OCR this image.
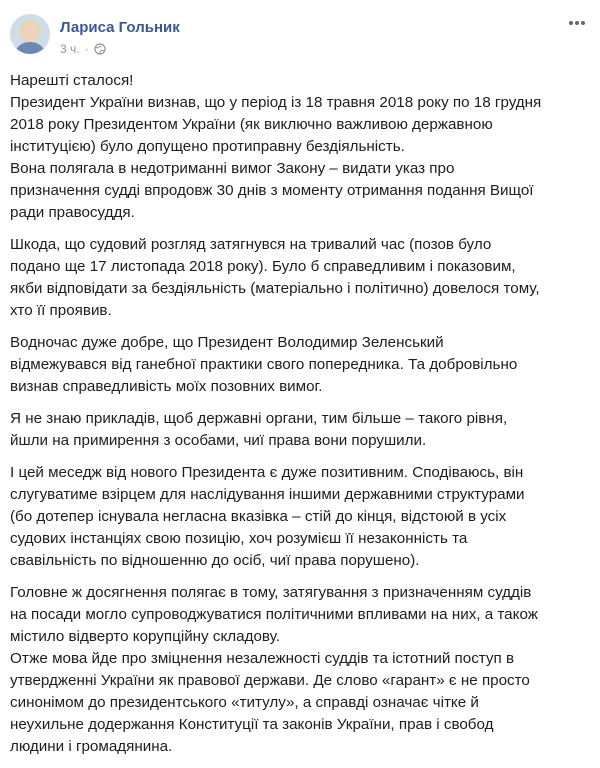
Лариса Гольник
3 ч. ·

Нарешті сталося!
Президент України визнав, що у період із 18 травня 2018 року по 18 грудня
2018 року Президентом України (як виключно важливою державною
інституцією) було допущено протиправну бездіяльність.
Вона полягала в недотриманні вимог Закону – видати указ про
призначення судді впродовж 30 днів з моменту отримання подання Вищої
ради правосуддя.

Шкода, що судовий розгляд затягнувся на тривалий час (позов було
подано ще 17 листопада 2018 року). Було б справедливим і показовим,
якби відповідати за бездіяльність (матеріально і політично) довелося тому,
хто її проявив.

Водночас дуже добре, що Президент Володимир Зеленський
відмежувався від ганебної практики свого попередника. Та добровільно
визнав справедливість моїх позовних вимог.

Я не знаю прикладів, щоб державні органи, тим більше – такого рівня,
йшли на примирення з особами, чиї права вони порушили.

І цей меседж від нового Президента є дуже позитивним. Сподіваюсь, він
слугуватиме взірцем для наслідування іншими державними структурами
(бо дотепер існувала негласна вказівка – стій до кінця, відстоюй в усіх
судових інстанціях свою позицію, хоч розумієш її незаконність та
свавільність по відношенню до осіб, чиї права порушено).

Головне ж досягнення полягає в тому, затягування з призначенням суддів
на посади могло супроводжуватися політичними впливами на них, а також
містило відверто корупційну складову.
Отже мова йде про зміцнення незалежності суддів та істотний поступ в
утвердженні України як правової держави. Де слово «гарант» є не просто
синонімом до президентського «титулу», а справді означає чітке й
неухильне додержання Конституції та законів України, прав і свобод
людини і громадянина.
